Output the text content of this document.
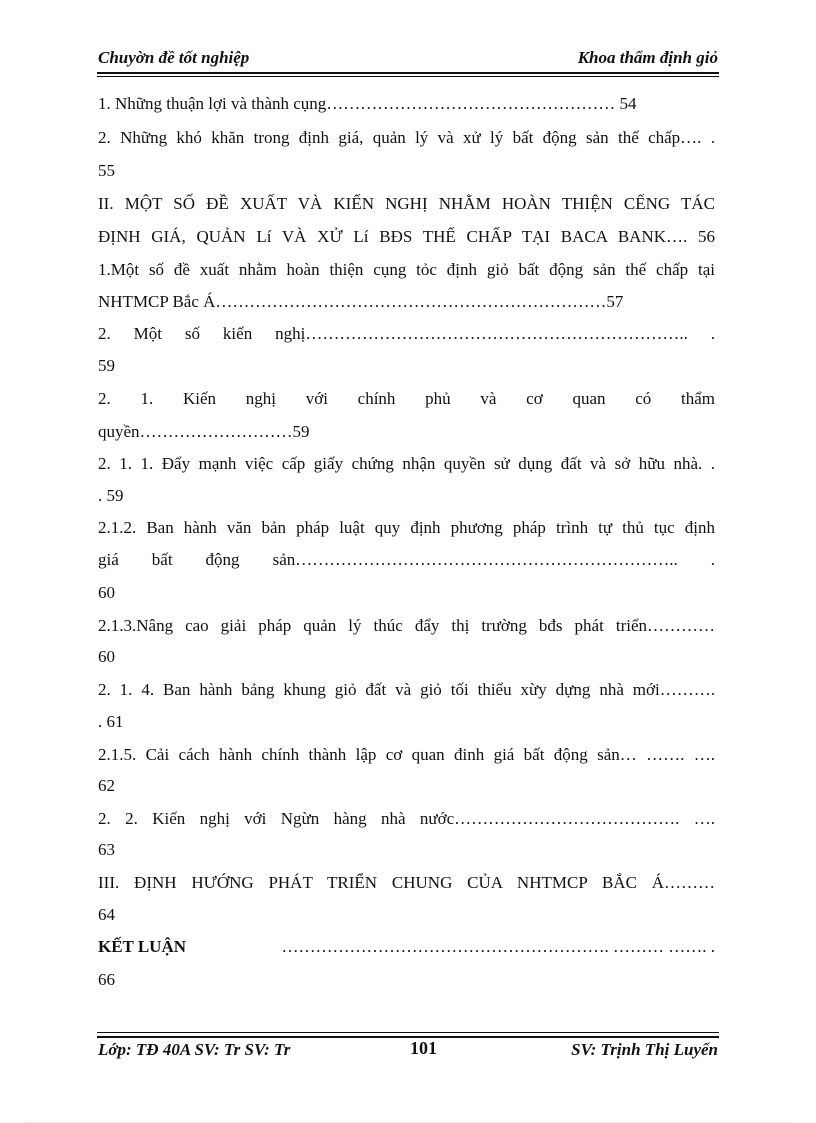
Chuyờn đề tốt nghiệp	Khoa thẩm định giỏ
1. Những thuận lợi và thành cụng…………………………………………… 54
2. Những khó khăn trong định giá, quản lý và xử lý bất động sản thế chấp…. .
55
II. MỘT SỐ ĐỀ XUẤT VÀ KIẾN NGHỊ NHẰM HOÀN THIỆN CẾNG TÁC
ĐỊNH GIÁ, QUẢN Lí VÀ XỬ Lí BĐS THẾ CHẤP TẠI BACA BANK…. 56
1.Một số đề xuất nhằm hoàn thiện cụng tỏc định giỏ bất động sản thế chấp tại
NHTMCP Bắc Á……………………………………………………………57
2. Một số kiến nghị………………………………………………………….. .
59
2. 1. Kiến nghị với chính phủ và cơ quan có thẩm
quyền………………………59
2. 1. 1. Đẩy mạnh việc cấp giấy chứng nhận quyền sử dụng đất và sở hữu nhà. .
. 59
2.1.2. Ban hành văn bản pháp luật quy định phương pháp trình tự thủ tục định
giá bất động sản………………………………………………………….. .
60
2.1.3.Nâng cao giải pháp quản lý thúc đẩy thị trường bđs phát triển…………
60
2. 1. 4. Ban hành bảng khung giỏ đất và giỏ tối thiểu xừy dựng nhà mới……….
. 61
2.1.5. Cải cách hành chính thành lập cơ quan đinh giá bất động sản… ……. ….
62
2. 2. Kiến nghị với Ngừn hàng nhà nước…………………………………. ….
63
III. ĐỊNH HƯỚNG PHÁT TRIỂN CHUNG CỦA NHTMCP BẮC Á………
64
KẾT LUẬN	…………………………………………………. ……… ……. .
66
Lớp: TĐ 40A SV: Tr SV: Tr	101	SV: Trịnh Thị Luyến
